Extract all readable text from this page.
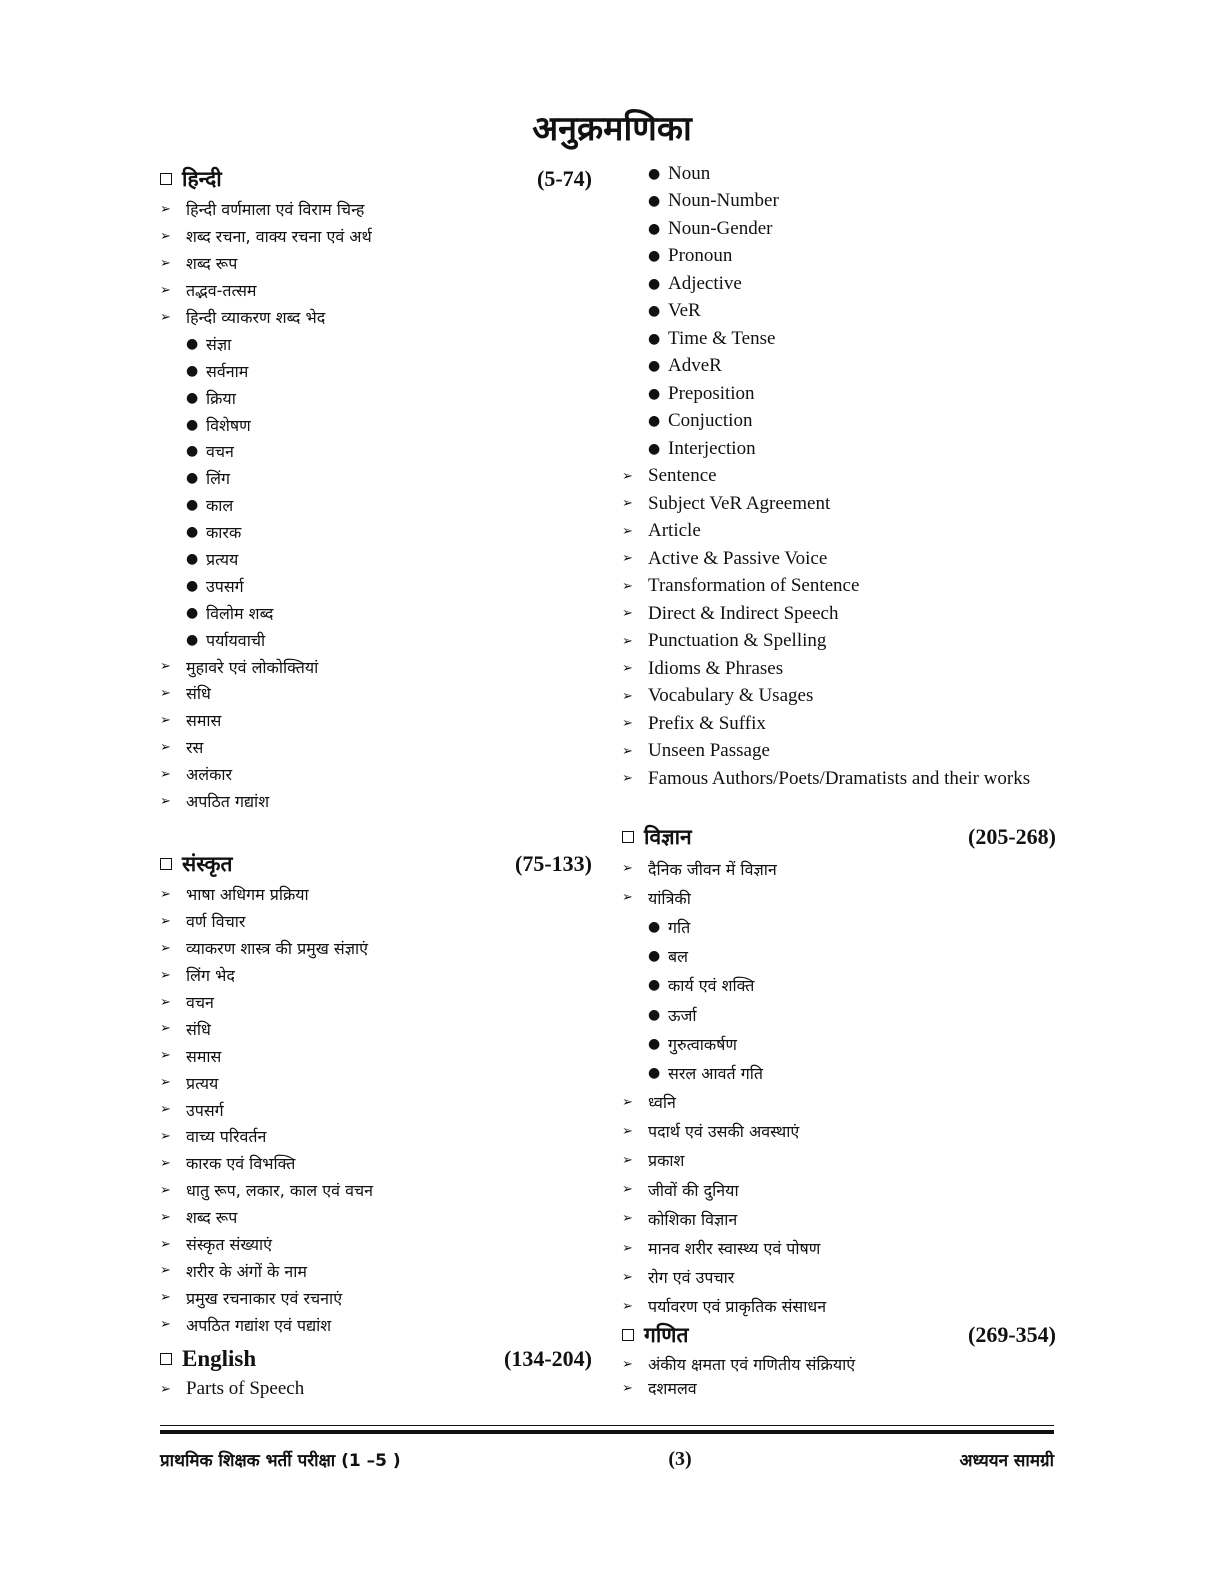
अनुक्रमणिका
हिन्दी	(5-74)
➢ हिन्दी वर्णमाला एवं विराम चिन्ह
➢ शब्द रचना, वाक्य रचना एवं अर्थ
➢ शब्द रूप
➢ तद्भव-तत्सम
➢ हिन्दी व्याकरण शब्द भेद
● संज्ञा
● सर्वनाम
● क्रिया
● विशेषण
● वचन
● लिंग
● काल
● कारक
● प्रत्यय
● उपसर्ग
● विलोम शब्द
● पर्यायवाची
➢ मुहावरे एवं लोकोक्तियां
➢ संधि
➢ समास
➢ रस
➢ अलंकार
➢ अपठित गद्यांश
संस्कृत	(75-133)
➢ भाषा अधिगम प्रक्रिया
➢ वर्ण विचार
➢ व्याकरण शास्त्र की प्रमुख संज्ञाएं
➢ लिंग भेद
➢ वचन
➢ संधि
➢ समास
➢ प्रत्यय
➢ उपसर्ग
➢ वाच्य परिवर्तन
➢ कारक एवं विभक्ति
➢ धातु रूप, लकार, काल एवं वचन
➢ शब्द रूप
➢ संस्कृत संख्याएं
➢ शरीर के अंगों के नाम
➢ प्रमुख रचनाकार एवं रचनाएं
➢ अपठित गद्यांश एवं पद्यांश
English	(134-204)
➢ Parts of Speech
● Noun
● Noun-Number
● Noun-Gender
● Pronoun
● Adjective
● VeR
● Time & Tense
● AdveR
● Preposition
● Conjuction
● Interjection
➢ Sentence
➢ Subject VeR Agreement
➢ Article
➢ Active & Passive Voice
➢ Transformation of Sentence
➢ Direct & Indirect Speech
➢ Punctuation & Spelling
➢ Idioms & Phrases
➢ Vocabulary & Usages
➢ Prefix & Suffix
➢ Unseen Passage
➢ Famous Authors/Poets/Dramatists and their works
विज्ञान	(205-268)
➢ दैनिक जीवन में विज्ञान
➢ यांत्रिकी
● गति
● बल
● कार्य एवं शक्ति
● ऊर्जा
● गुरुत्वाकर्षण
● सरल आवर्त गति
➢ ध्वनि
➢ पदार्थ एवं उसकी अवस्थाएं
➢ प्रकाश
➢ जीवों की दुनिया
➢ कोशिका विज्ञान
➢ मानव शरीर स्वास्थ्य एवं पोषण
➢ रोग एवं उपचार
➢ पर्यावरण एवं प्राकृतिक संसाधन
गणित	(269-354)
➢ अंकीय क्षमता एवं गणितीय संक्रियाएं
➢ दशमलव
प्राथमिक शिक्षक भर्ती परीक्षा (1 –5 )	(3)	अध्ययन सामग्री
